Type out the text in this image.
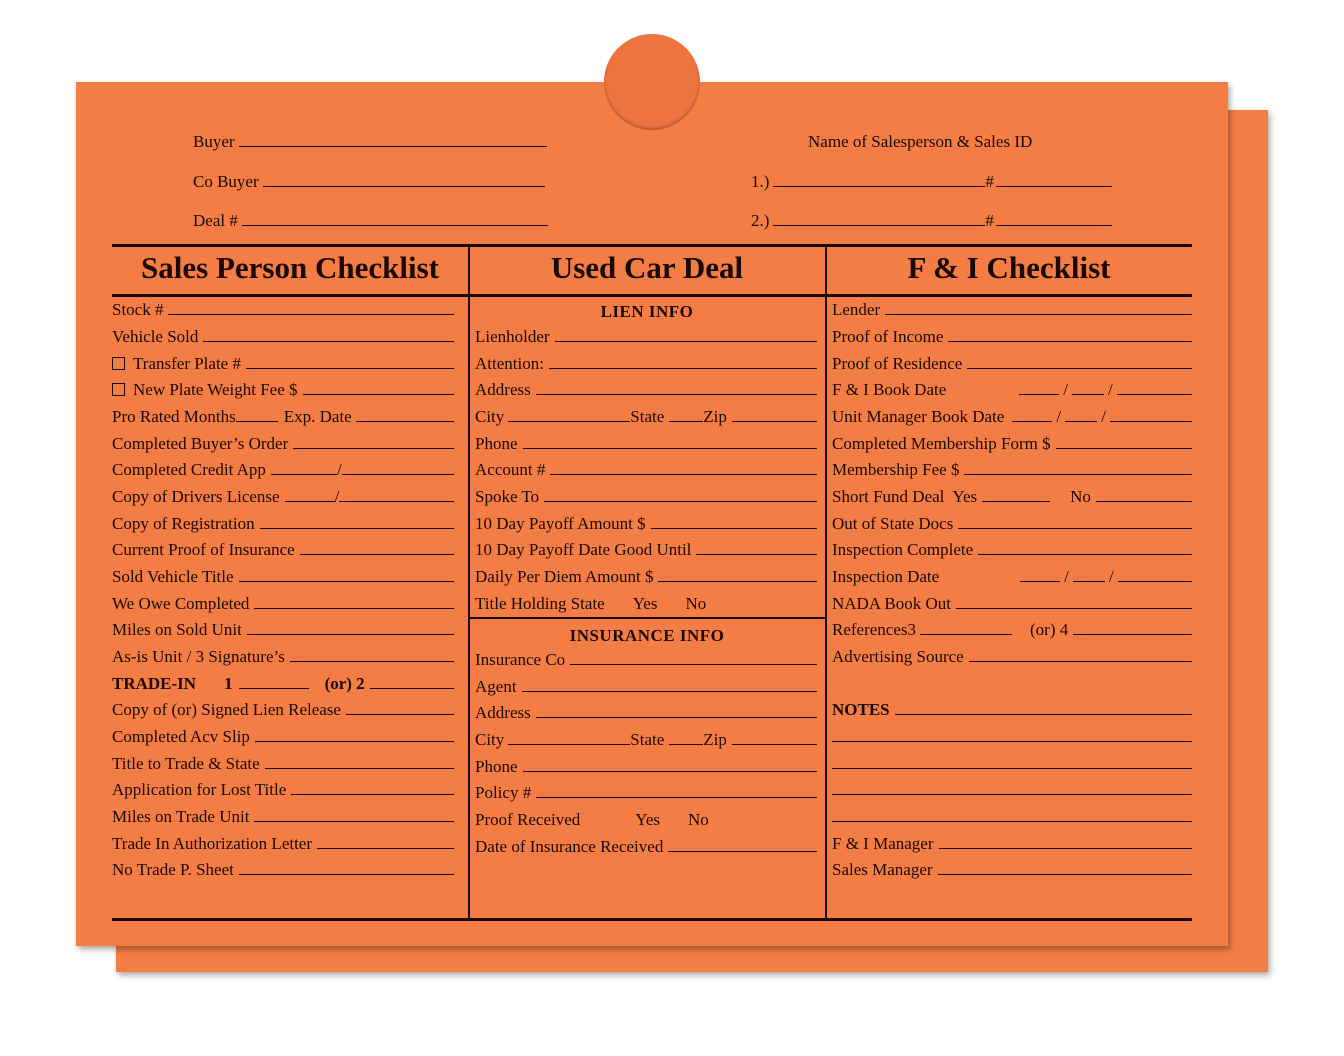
Buyer
Co Buyer
Deal #
Name of Salesperson & Sales ID
1.)	#
2.)	#
Sales Person Checklist	Used Car Deal	F & I Checklist
Stock #
Vehicle Sold
Transfer Plate #
New Plate Weight Fee $
Pro Rated Months	Exp. Date
Completed Buyer’s Order
Completed Credit App	/
Copy of Drivers License	/
Copy of Registration
Current Proof of Insurance
Sold Vehicle Title
We Owe Completed
Miles on Sold Unit
As-is Unit / 3 Signature’s
TRADE-IN 1	(or) 2
Copy of (or) Signed Lien Release
Completed Acv Slip
Title to Trade & State
Application for Lost Title
Miles on Trade Unit
Trade In Authorization Letter
No Trade P. Sheet
LIEN INFO
Lienholder
Attention:
Address
City	State Zip
Phone
Account #
Spoke To
10 Day Payoff Amount $
10 Day Payoff Date Good Until
Daily Per Diem Amount $
Title Holding State Yes No
INSURANCE INFO
Insurance Co
Agent
Address
City	State Zip
Phone
Policy #
Proof Received	Yes No
Date of Insurance Received
Lender
Proof of Income
Proof of Residence
F & I Book Date	/ /
Unit Manager Book Date	/ /
Completed Membership Form $
Membership Fee $
Short Fund Deal Yes	No
Out of State Docs
Inspection Complete
Inspection Date	/ /
NADA Book Out
References3	(or) 4
Advertising Source
NOTES
F & I Manager
Sales Manager
